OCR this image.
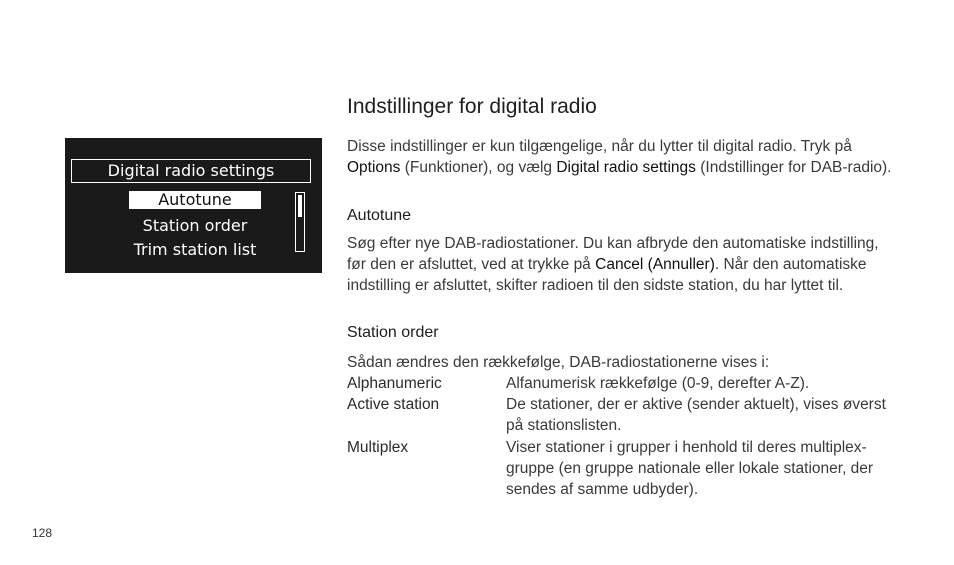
Digital radio settings
Autotune
Station order
Trim station list
Indstillinger for digital radio
Disse indstillinger er kun tilgængelige, når du lytter til digital radio. Tryk på Options (Funktioner), og vælg Digital radio settings (Indstillinger for DAB-radio).
Autotune
Søg efter nye DAB-radiostationer. Du kan afbryde den automatiske indstilling, før den er afsluttet, ved at trykke på Cancel (Annuller). Når den automatiske indstilling er afsluttet, skifter radioen til den sidste station, du har lyttet til.
Station order
Sådan ændres den rækkefølge, DAB-radiostationerne vises i:
Alphanumeric	Alfanumerisk rækkefølge (0-9, derefter A-Z).
Active station	De stationer, der er aktive (sender aktuelt), vises øverst på stationslisten.
Multiplex	Viser stationer i grupper i henhold til deres multiplex-gruppe (en gruppe nationale eller lokale stationer, der sendes af samme udbyder).
128
